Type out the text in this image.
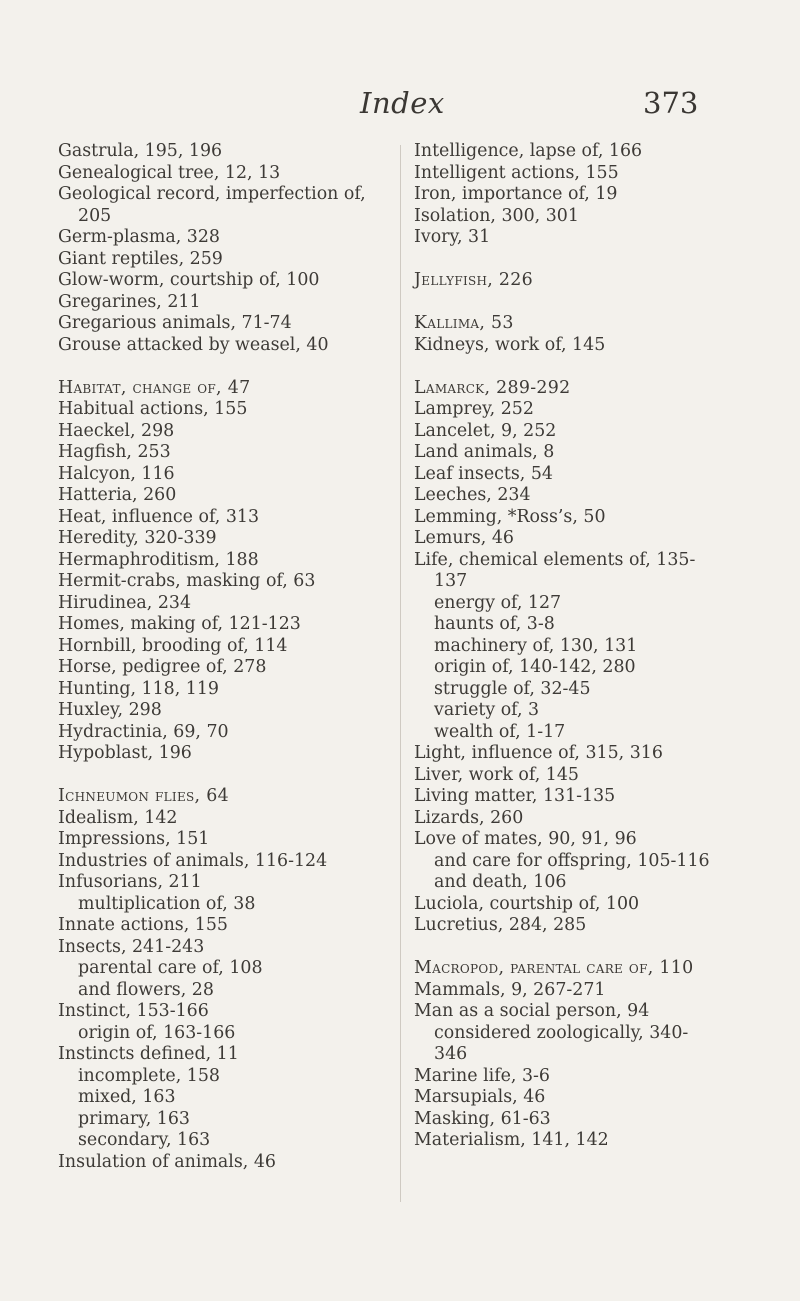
Index	373
Gastrula, 195, 196
Genealogical tree, 12, 13
Geological record, imperfection of,
205
Germ-plasma, 328
Giant reptiles, 259
Glow-worm, courtship of, 100
Gregarines, 211
Gregarious animals, 71-74
Grouse attacked by weasel, 40
Habitat, change of, 47
Habitual actions, 155
Haeckel, 298
Hagfish, 253
Halcyon, 116
Hatteria, 260
Heat, influence of, 313
Heredity, 320-339
Hermaphroditism, 188
Hermit-crabs, masking of, 63
Hirudinea, 234
Homes, making of, 121-123
Hornbill, brooding of, 114
Horse, pedigree of, 278
Hunting, 118, 119
Huxley, 298
Hydractinia, 69, 70
Hypoblast, 196
Ichneumon flies, 64
Idealism, 142
Impressions, 151
Industries of animals, 116-124
Infusorians, 211
multiplication of, 38
Innate actions, 155
Insects, 241-243
parental care of, 108
and flowers, 28
Instinct, 153-166
origin of, 163-166
Instincts defined, 11
incomplete, 158
mixed, 163
primary, 163
secondary, 163
Insulation of animals, 46
Intelligence, lapse of, 166
Intelligent actions, 155
Iron, importance of, 19
Isolation, 300, 301
Ivory, 31
Jellyfish, 226
Kallima, 53
Kidneys, work of, 145
Lamarck, 289-292
Lamprey, 252
Lancelet, 9, 252
Land animals, 8
Leaf insects, 54
Leeches, 234
Lemming, *Ross’s, 50
Lemurs, 46
Life, chemical elements of, 135-
137
energy of, 127
haunts of, 3-8
machinery of, 130, 131
origin of, 140-142, 280
struggle of, 32-45
variety of, 3
wealth of, 1-17
Light, influence of, 315, 316
Liver, work of, 145
Living matter, 131-135
Lizards, 260
Love of mates, 90, 91, 96
and care for offspring, 105-116
and death, 106
Luciola, courtship of, 100
Lucretius, 284, 285
Macropod, parental care of, 110
Mammals, 9, 267-271
Man as a social person, 94
considered zoologically, 340-
346
Marine life, 3-6
Marsupials, 46
Masking, 61-63
Materialism, 141, 142
